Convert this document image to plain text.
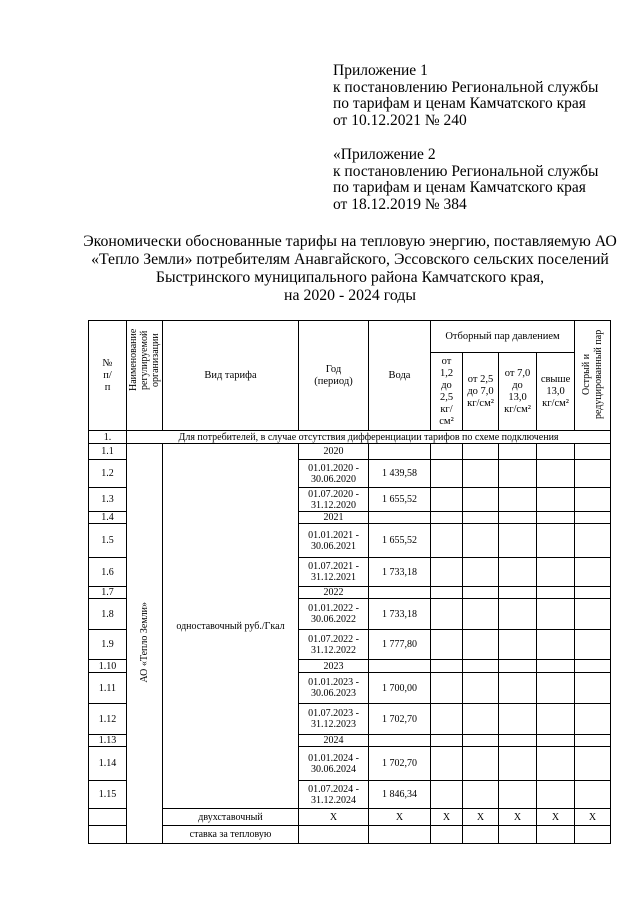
Приложение 1
к постановлению Региональной службы
по тарифам и ценам Камчатского края
от 10.12.2021 № 240
«Приложение 2
к постановлению Региональной службы
по тарифам и ценам Камчатского края
от 18.12.2019 № 384
Экономически обоснованные тарифы на тепловую энергию, поставляемую АО
«Тепло Земли» потребителям Анавгайского, Эссовского сельских поселений
Быстринского муниципального района Камчатского края,
на 2020 - 2024 годы
№ п/п	Наименование регулируемой организации	Вид тарифа	Год (период)	Вода	Отборный пар давлением				Острый и редуцированный пар
					от 1,2 до 2,5 кг/см²	от 2,5 до 7,0 кг/см²	от 7,0 до 13,0 кг/см²	свыше 13,0 кг/см²	
1.	Для потребителей, в случае отсутствия дифференциации тарифов по схеме подключения								
1.1	АО «Тепло Земли»	одноставочный руб./Гкал	2020						
1.2			01.01.2020 - 30.06.2020	1 439,58					
1.3			01.07.2020 - 31.12.2020	1 655,52					
1.4			2021						
1.5			01.01.2021 - 30.06.2021	1 655,52					
1.6			01.07.2021 - 31.12.2021	1 733,18					
1.7			2022						
1.8			01.01.2022 - 30.06.2022	1 733,18					
1.9			01.07.2022 - 31.12.2022	1 777,80					
1.10			2023						
1.11			01.01.2023 - 30.06.2023	1 700,00					
1.12			01.07.2023 - 31.12.2023	1 702,70					
1.13			2024						
1.14			01.01.2024 - 30.06.2024	1 702,70					
1.15			01.07.2024 - 31.12.2024	1 846,34					
		двухставочный	X	X	X	X	X	X	X
		ставка за тепловую							
